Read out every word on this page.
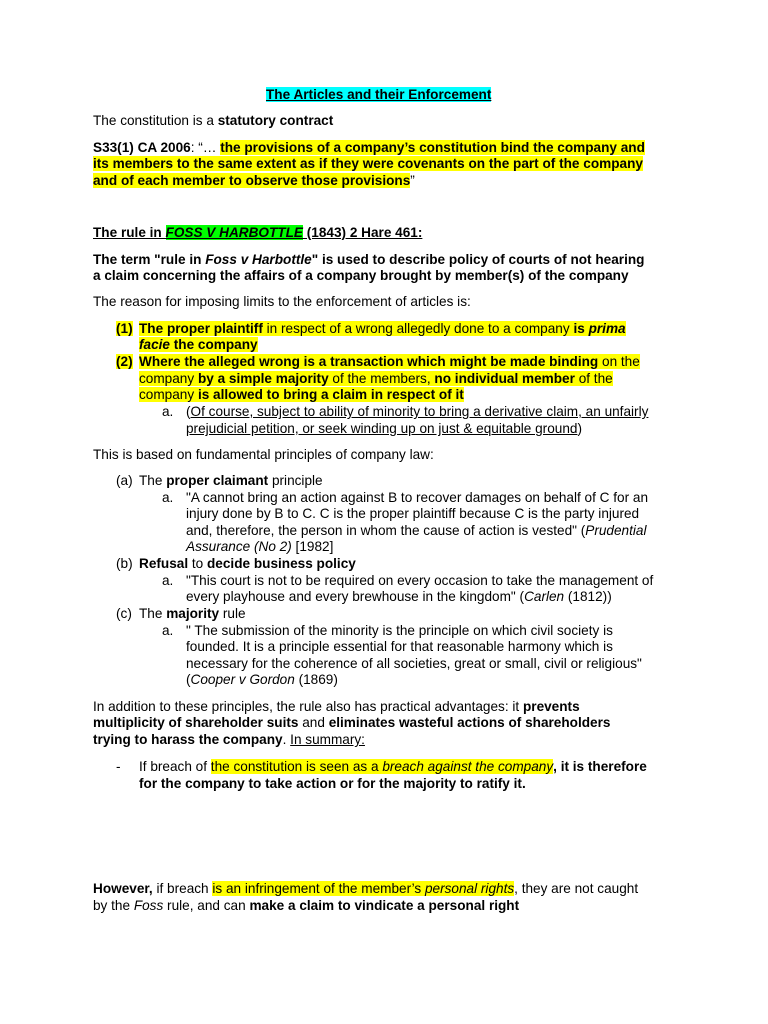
The Articles and their Enforcement
The constitution is a statutory contract
S33(1) CA 2006: “… the provisions of a company’s constitution bind the company and
its members to the same extent as if they were covenants on the part of the company
and of each member to observe those provisions”
The rule in FOSS V HARBOTTLE (1843) 2 Hare 461:
The term "rule in Foss v Harbottle" is used to describe policy of courts of not hearing
a claim concerning the affairs of a company brought by member(s) of the company
The reason for imposing limits to the enforcement of articles is:
(1) The proper plaintiff in respect of a wrong allegedly done to a company is prima
facie the company
(2) Where the alleged wrong is a transaction which might be made binding on the
company by a simple majority of the members, no individual member of the
company is allowed to bring a claim in respect of it
a. (Of course, subject to ability of minority to bring a derivative claim, an unfairly
prejudicial petition, or seek winding up on just & equitable ground)
This is based on fundamental principles of company law:
(a) The proper claimant principle
a. "A cannot bring an action against B to recover damages on behalf of C for an
injury done by B to C. C is the proper plaintiff because C is the party injured
and, therefore, the person in whom the cause of action is vested" (Prudential
Assurance (No 2) [1982]
(b) Refusal to decide business policy
a. "This court is not to be required on every occasion to take the management of
every playhouse and every brewhouse in the kingdom" (Carlen (1812))
(c) The majority rule
a. " The submission of the minority is the principle on which civil society is
founded. It is a principle essential for that reasonable harmony which is
necessary for the coherence of all societies, great or small, civil or religious"
(Cooper v Gordon (1869)
In addition to these principles, the rule also has practical advantages: it prevents
multiplicity of shareholder suits and eliminates wasteful actions of shareholders
trying to harass the company. In summary:
- If breach of the constitution is seen as a breach against the company, it is therefore
for the company to take action or for the majority to ratify it.
However, if breach is an infringement of the member’s personal rights, they are not caught
by the Foss rule, and can make a claim to vindicate a personal right
